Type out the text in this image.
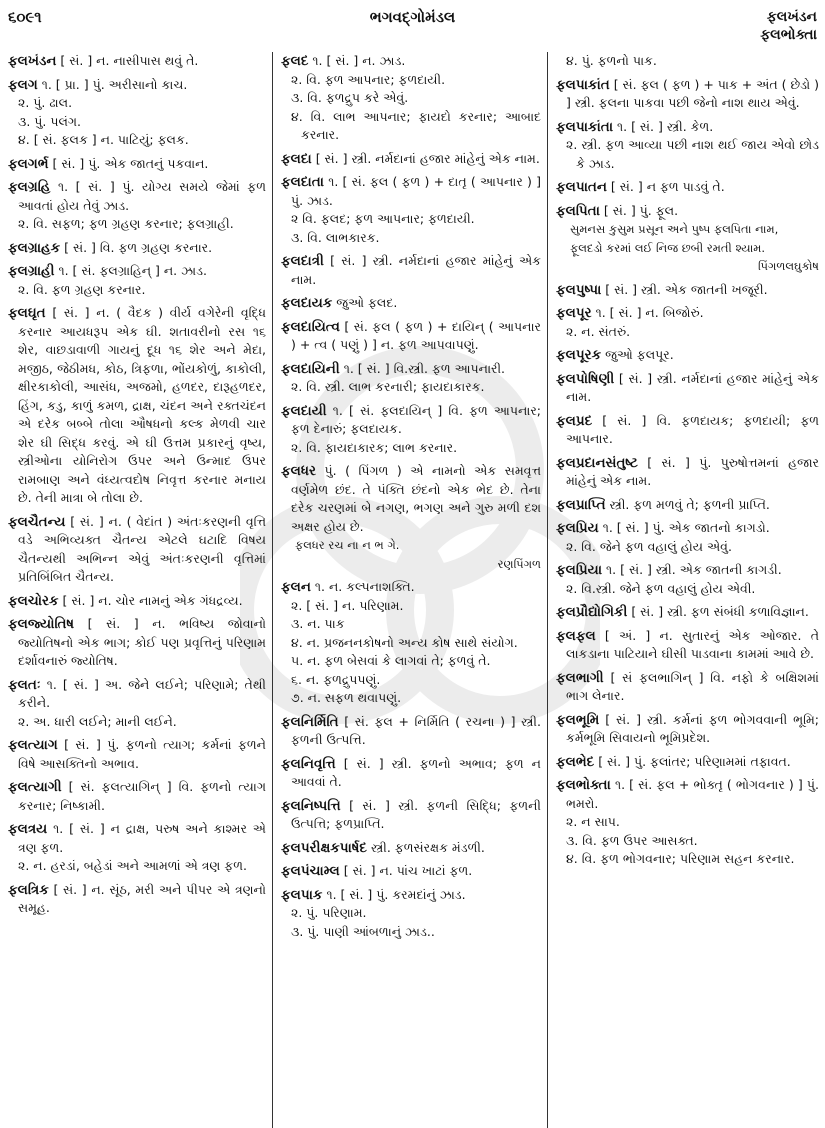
૬૦૯૧	ભગવદ્ગોમંડલ	ફલખંડન
ફલભોક્તા
ફલખંડન [ સં. ] ન. નાસીપાસ થવું તે.
ફલગ ૧. [ પ્રા. ] પું. અરીસાનો કાચ.
૨. પું. ઢાલ.
૩. પું. પલંગ.
૪. [ સં. ફલક ] ન. પાટિયું; ફલક.
ફલગર્ભ [ સં. ] પું. એક જાતનું પકવાન.
ફલગ્રહિ ૧. [ સં. ] પું. યોગ્ય સમયે જેમાં ફળ આવતાં હોય તેવું ઝાડ.
૨. વિ. સફળ; ફળ ગ્રહણ કરનાર; ફલગ્રાહી.
ફલગ્રાહક [ સં. ] વિ. ફળ ગ્રહણ કરનાર.
ફલગ્રાહી ૧. [ સં. ફલગ્રાહિન્ ] ન. ઝાડ.
૨. વિ. ફળ ગ્રહણ કરનાર.
ફલઘૃત [ સં. ] ન. ( વૈદક ) વીર્ય વગેરેની વૃદ્ધિ કરનાર આયધરૂપ એક ઘી. શતાવરીનો રસ ૧૬ શેર, વાછડાવાળી ગાયનું દૂધ ૧૬ શેર અને મેદા, મજીઠ, જેઠીમધ, કોઠ, ત્રિફળા, ભોંયકોળું, કાકોલી, ક્ષીરકાકોલી, આસંધ, અજમો, હળદર, દારૂહળદર, હિંગ, કડુ, કાળું કમળ, દ્રાક્ષ, ચંદન અને રક્તચંદન એ દરેક બબ્બે તોલા ઔષધનો કલ્ક મેળવી ચાર શેર ઘી સિદ્ધ કરવું. એ ઘી ઉત્તમ પ્રકારનું વૃષ્ય, સ્ત્રીઓના યોનિરોગ ઉપર અને ઉન્માદ ઉપર રામબાણ અને વંધ્યત્વદોષ નિવૃત્ત કરનાર મનાય છે. તેની માત્રા બે તોલા છે.
ફલચૈતન્ય [ સં. ] ન. ( વેદાંત ) અંતઃકરણની વૃત્તિ વડે અભિવ્યક્ત ચૈતન્ય એટલે ઘટાદિ વિષય ચૈતન્યથી અભિન્ન એવું અંતઃકરણની વૃત્તિમાં પ્રતિબિંબિત ચૈતન્ય.
ફલચોરક [ સં. ] ન. ચોર નામનું એક ગંધદ્રવ્ય.
ફલજ્યોતિષ [ સં. ] ન. ભવિષ્ય જોવાનો જ્યોતિષનો એક ભાગ; કોઈ પણ પ્રવૃત્તિનું પરિણામ દર્શાવનારું જ્યોતિષ.
ફલતઃ ૧. [ સં. ] અ. જેને લઈને; પરિણામે; તેથી કરીને.
૨. અ. ધારી લઈને; માની લઈને.
ફલત્યાગ [ સં. ] પું. ફળનો ત્યાગ; કર્મનાં ફળને વિષે આસક્તિનો અભાવ.
ફલત્યાગી [ સં. ફલત્યાગિન્ ] વિ. ફળનો ત્યાગ કરનાર; નિષ્કામી.
ફલત્રય ૧. [ સં. ] ન દ્રાક્ષ, પરુષ અને કાશ્મર એ ત્રણ ફળ.
૨. ન. હરડાં, બહેડાં અને આમળાં એ ત્રણ ફળ.
ફલત્રિક [ સં. ] ન. સૂંઠ, મરી અને પીપર એ ત્રણનો સમૂહ.
ફલદ ૧. [ સં. ] ન. ઝાડ.
૨. વિ. ફળ આપનાર; ફળદાયી.
૩. વિ. ફળદ્રુપ કરે એવું.
૪. વિ. લાભ આપનાર; ફાયદો કરનાર; આબાદ કરનાર.
ફલદા [ સં. ] સ્ત્રી. નર્મદાનાં હજાર માંહેનું એક નામ.
ફલદાતા ૧. [ સં. ફલ ( ફળ ) + દાતૃ ( આપનાર ) ] પું. ઝાડ.
૨ વિ. ફલદ; ફળ આપનાર; ફળદાયી.
૩. વિ. લાભકારક.
ફલદાત્રી [ સં. ] સ્ત્રી. નર્મદાનાં હજાર માંહેનું એક નામ.
ફલદાયક જુઓ ફલદ.
ફલદાયિત્વ [ સં. ફલ ( ફળ ) + દાયિન્ ( આપનાર ) + ત્વ ( પણું ) ] ન. ફળ આપવાપણું.
ફલદાયિની ૧. [ સં. ] વિ.સ્ત્રી. ફળ આપનારી.
૨. વિ. સ્ત્રી. લાભ કરનારી; ફાયદાકારક.
ફલદાયી ૧. [ સં. ફલદાયિન્ ] વિ. ફળ આપનાર; ફળ દેનારું; ફલદાયક.
૨. વિ. ફાયદાકારક; લાભ કરનાર.
ફલધર પું. ( પિંગળ ) એ નામનો એક સમવૃત્ત વર્ણમેળ છંદ. તે પંક્તિ છંદનો એક ભેદ છે. તેના દરેક ચરણમાં બે નગણ, ભગણ અને ગુરુ મળી દશ અક્ષર હોય છે.
ફલધર રચ ના ન ભ ગે.
રણપિંગળ
ફલન ૧. ન. કલ્પનાશક્તિ.
૨. [ સં. ] ન. પરિણામ.
૩. ન. પાક
૪. ન. પ્રજનનકોષનો અન્ય કોષ સાથે સંયોગ.
૫. ન. ફળ બેસવાં કે લાગવાં તે; ફળવું તે.
૬. ન. ફળદ્રુપપણું.
૭. ન. સફળ થવાપણું.
ફલનિર્મિતિ [ સં. ફલ + નિર્મિતિ ( રચના ) ] સ્ત્રી. ફળની ઉત્પત્તિ.
ફલનિવૃત્તિ [ સં. ] સ્ત્રી. ફળનો અભાવ; ફળ ન આવવાં તે.
ફલનિષ્પત્તિ [ સં. ] સ્ત્રી. ફળની સિદ્ધિ; ફળની ઉત્પત્તિ; ફળપ્રાપ્તિ.
ફલપરીક્ષકપાર્ષદ સ્ત્રી. ફળસંરક્ષક મંડળી.
ફલપંચામ્લ [ સં. ] ન. પાંચ ખાટાં ફળ.
ફલપાક ૧. [ સં. ] પું. કરમદાંનું ઝાડ.
૨. પું. પરિણામ.
૩. પું. પાણી આંબળાનું ઝાડ..
૪. પું. ફળનો પાક.
ફલપાકાંત [ સં. ફલ ( ફળ ) + પાક + અંત ( છેડો ) ] સ્ત્રી. ફલના પાકવા પછી જેનો નાશ થાય એવું.
ફલપાકાંતા ૧. [ સં. ] સ્ત્રી. કેળ.
૨. સ્ત્રી. ફળ આવ્યા પછી નાશ થઈ જાય એવો છોડ કે ઝાડ.
ફલપાતન [ સં. ] ન ફળ પાડવું તે.
ફલપિતા [ સં. ] પું. ફૂલ.
સુમનસ કુસુમ પ્રસૂન અને પુષ્પ ફલપિતા નામ,
ફૂલદડો કરમાં લઈ નિજ છબી રમતી શ્યામ.
પિંગળલઘુકોષ
ફલપુષ્પા [ સં. ] સ્ત્રી. એક જાતની ખજૂરી.
ફલપૂર ૧. [ સં. ] ન. બિજોરું.
૨. ન. સંતરું.
ફલપૂરક જુઓ ફલપૂર.
ફલપોષિણી [ સં. ] સ્ત્રી. નર્મદાનાં હજાર માંહેનું એક નામ.
ફલપ્રદ [ સં. ] વિ. ફળદાયક; ફળદાયી; ફળ આપનાર.
ફલપ્રદાનસંતુષ્ટ [ સં. ] પું. પુરુષોત્તમનાં હજાર માંહેનું એક નામ.
ફલપ્રાપ્તિ સ્ત્રી. ફળ મળવું તે; ફળની પ્રાપ્તિ.
ફલપ્રિય ૧. [ સં. ] પું. એક જાતનો કાગડો.
૨. વિ. જેને ફળ વહાલું હોય એવું.
ફલપ્રિયા ૧. [ સં. ] સ્ત્રી. એક જાતની કાગડી.
૨. વિ.સ્ત્રી. જેને ફળ વહાલું હોય એવી.
ફલપ્રૌદ્યોગિકી [ સં. ] સ્ત્રી. ફળ સંબંધી કળાવિજ્ઞાન.
ફલફલ [ અં. ] ન. સુતારનું એક ઓજાર. તે લાકડાના પાટિયાને ઘીસી પાડવાના કામમાં આવે છે.
ફલભાગી [ સં ફલભાગિન્ ] વિ. નફો કે બક્ષિશમાં ભાગ લેનાર.
ફલભૂમિ [ સં. ] સ્ત્રી. કર્મનાં ફળ ભોગવવાની ભૂમિ; કર્મભૂમિ સિવાયનો ભૂમિપ્રદેશ.
ફલભેદ [ સં. ] પું. ફલાંતર; પરિણામમાં તફાવત.
ફલભોક્તા ૧. [ સં. ફલ + ભોક્તૃ ( ભોગવનાર ) ] પું. ભમરો.
૨. ન સાપ.
૩. વિ. ફળ ઉપર આસક્ત.
૪. વિ. ફળ ભોગવનાર; પરિણામ સહન કરનાર.
